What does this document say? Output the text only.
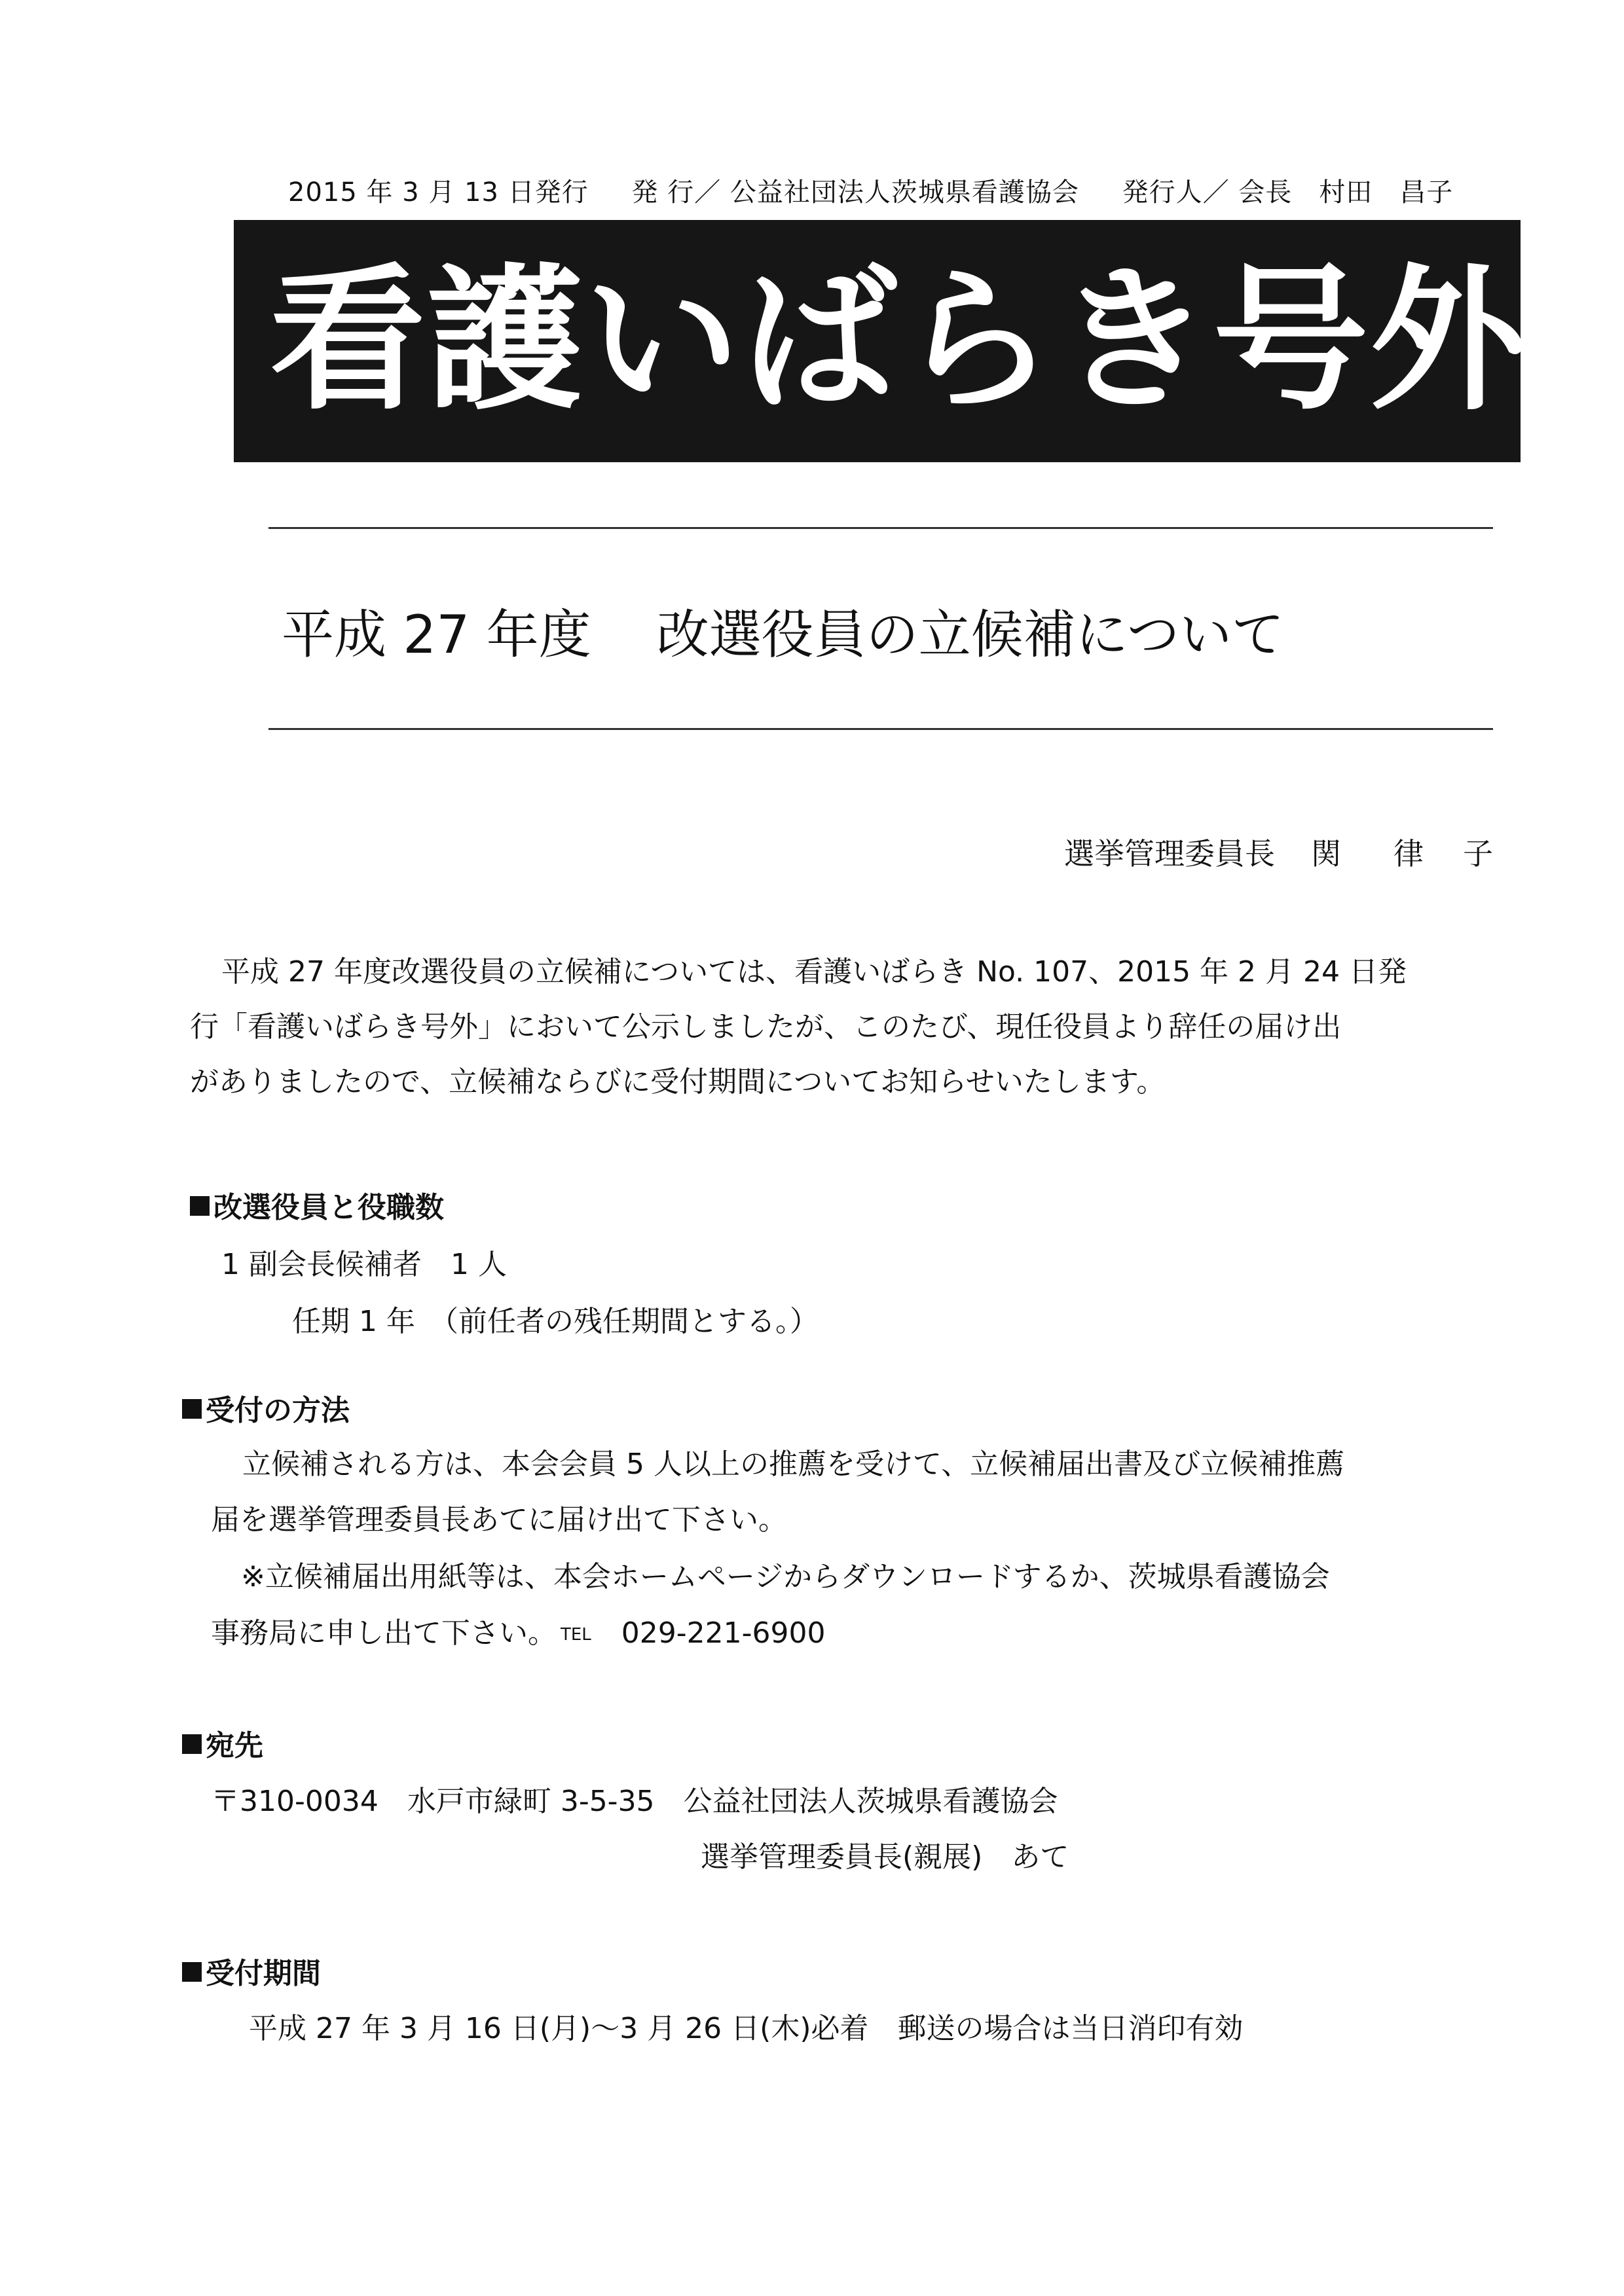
2015 年 3 月 13 日発行 発 行／ 公益社団法人茨城県看護協会 発行人／ 会長　村田　昌子
看護いばらき号外
平成 27 年度 改選役員の立候補について
選挙管理委員長 関 律 子
平成 27 年度改選役員の立候補については、看護いばらき No. 107、2015 年 2 月 24 日発
行「看護いばらき号外」において公示しましたが、このたび、現任役員より辞任の届け出
がありましたので、立候補ならびに受付期間についてお知らせいたします。
改選役員と役職数
1 副会長候補者　1 人
任期 1 年　（前任者の残任期間とする。）
受付の方法
立候補される方は、本会会員 5 人以上の推薦を受けて、立候補届出書及び立候補推薦
届を選挙管理委員長あてに届け出て下さい。
※立候補届出用紙等は、本会ホームページからダウンロードするか、茨城県看護協会
事務局に申し出て下さい。 TEL 029-221-6900
宛先
〒310-0034　水戸市緑町 3-5-35　公益社団法人茨城県看護協会
選挙管理委員長(親展)　あて
受付期間
平成 27 年 3 月 16 日(月)～3 月 26 日(木)必着　郵送の場合は当日消印有効
